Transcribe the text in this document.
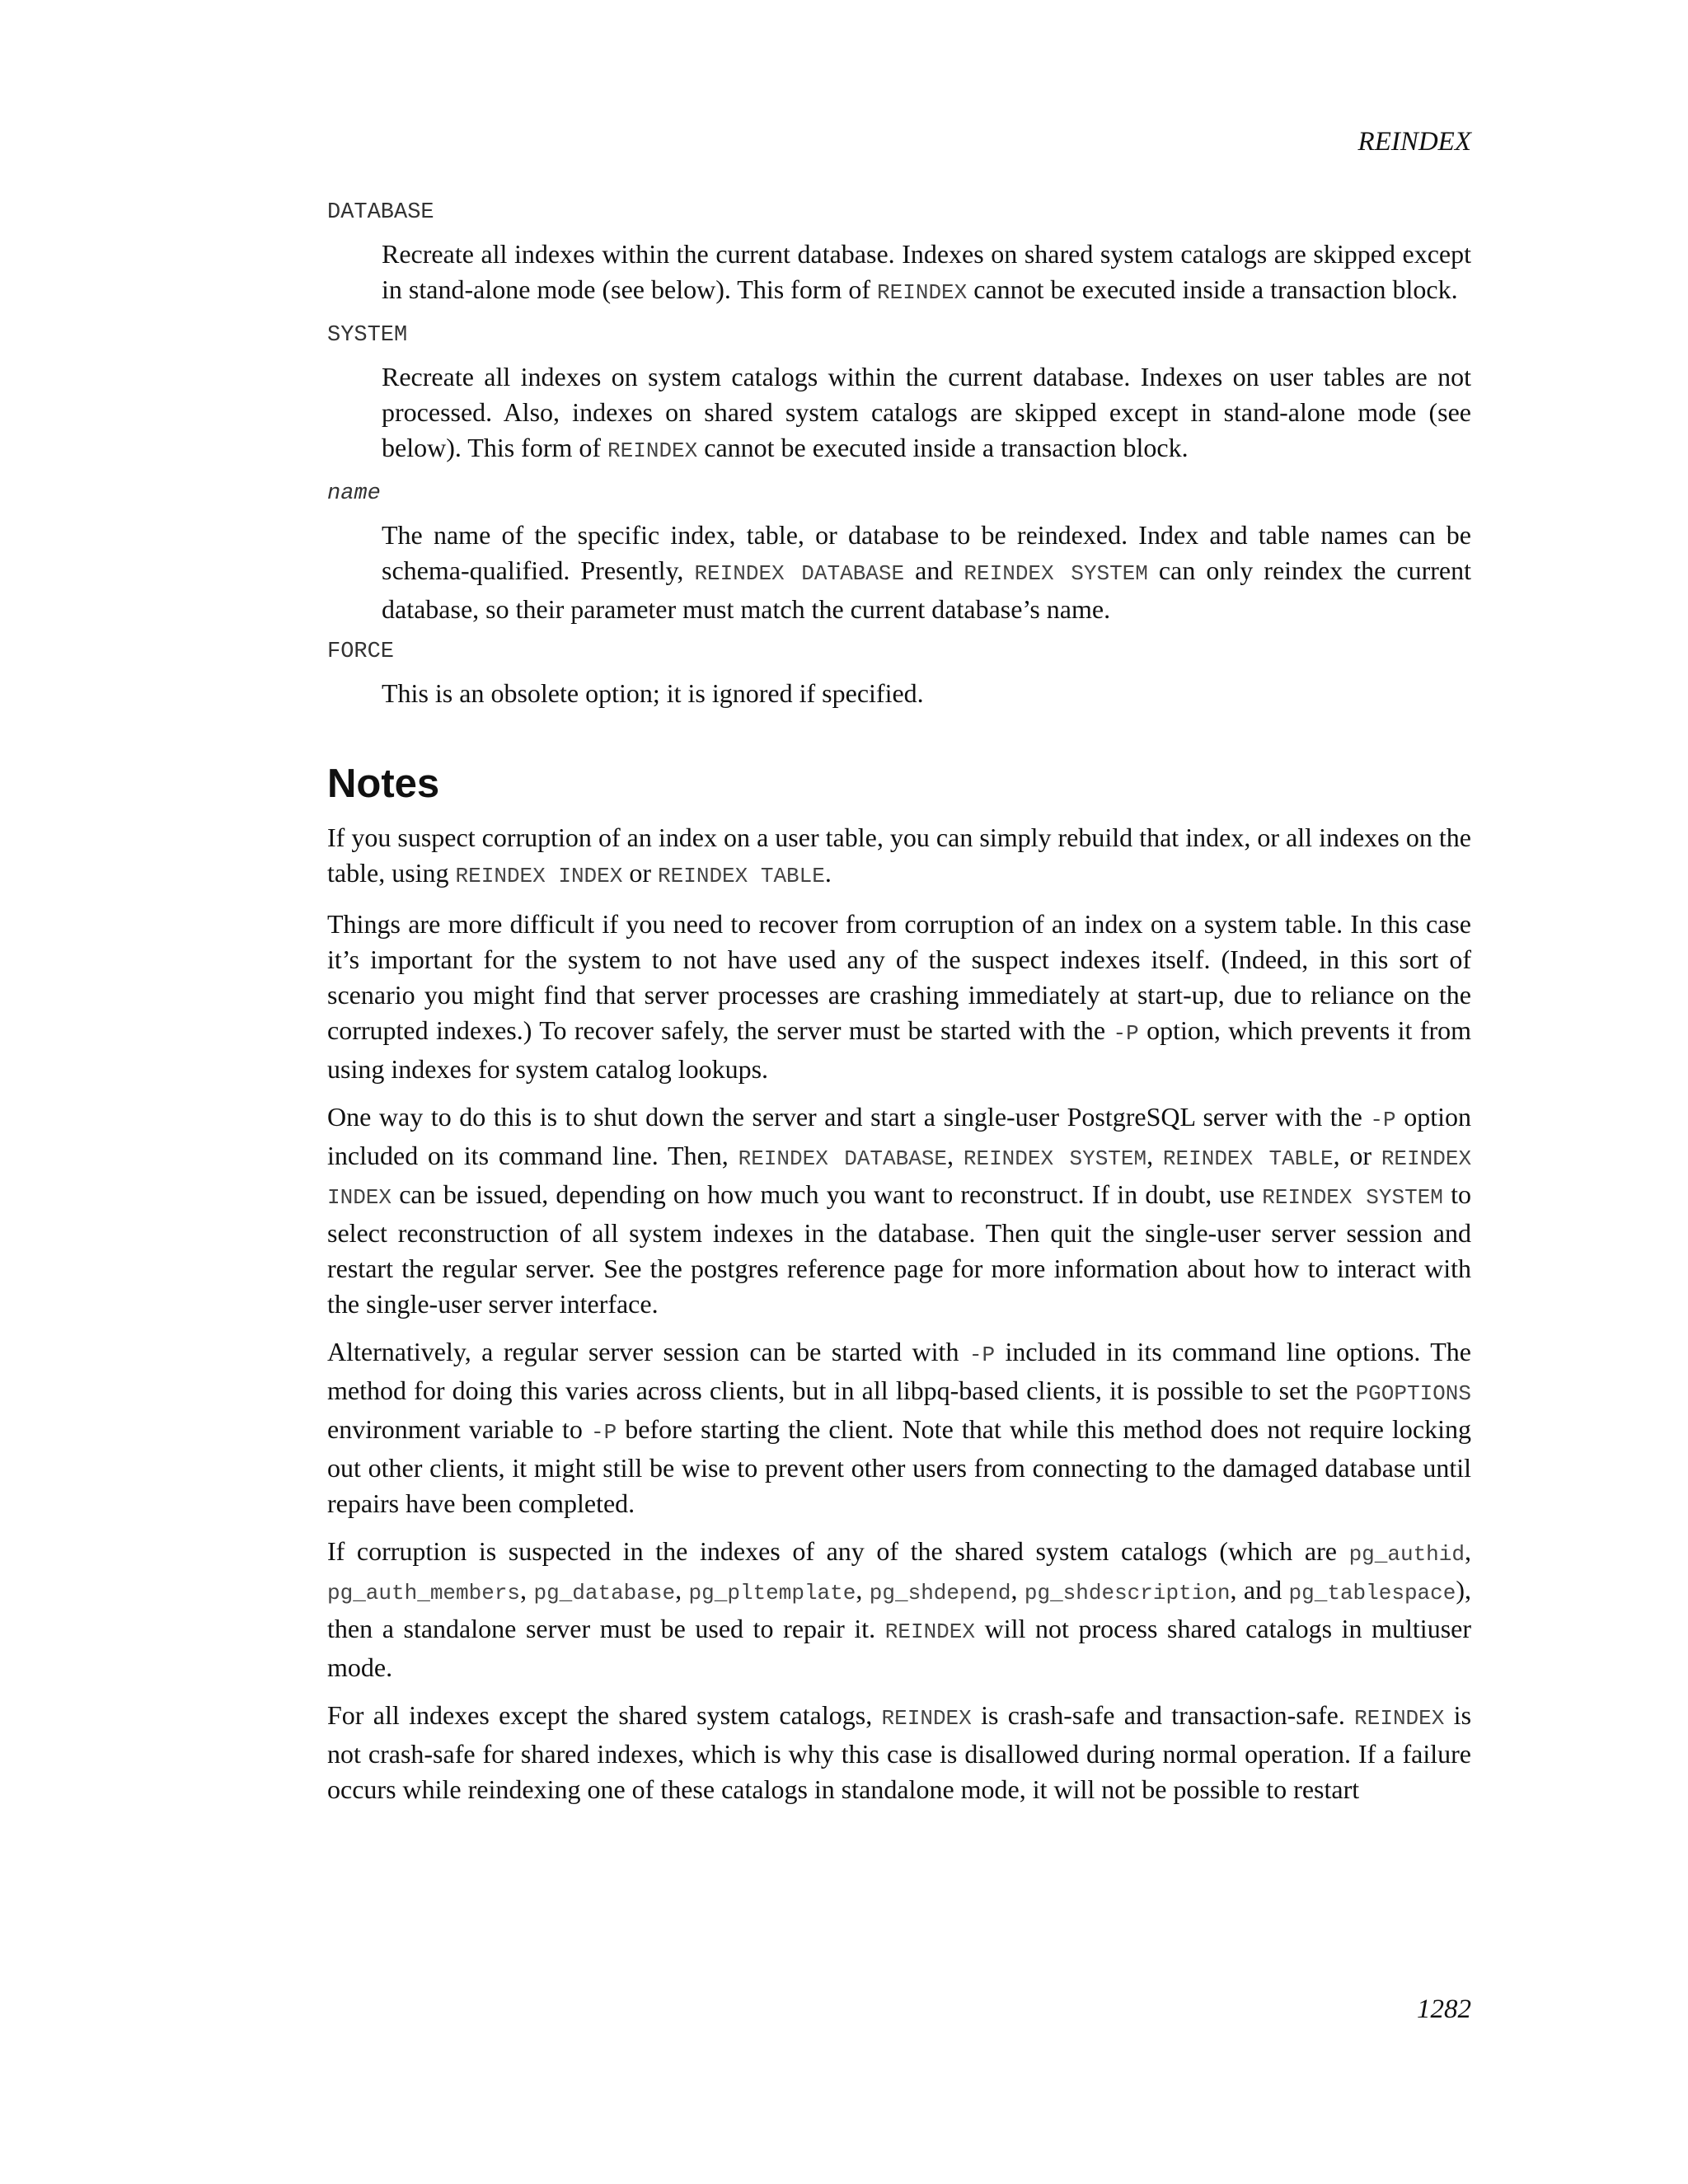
REINDEX

DATABASE

Recreate all indexes within the current database. Indexes on shared system catalogs are skipped except in stand-alone mode (see below). This form of REINDEX cannot be executed inside a transaction block.

SYSTEM

Recreate all indexes on system catalogs within the current database. Indexes on user tables are not processed. Also, indexes on shared system catalogs are skipped except in stand-alone mode (see below). This form of REINDEX cannot be executed inside a transaction block.

name

The name of the specific index, table, or database to be reindexed. Index and table names can be schema-qualified. Presently, REINDEX DATABASE and REINDEX SYSTEM can only reindex the current database, so their parameter must match the current database’s name.

FORCE

This is an obsolete option; it is ignored if specified.
Notes

If you suspect corruption of an index on a user table, you can simply rebuild that index, or all indexes on the table, using REINDEX INDEX or REINDEX TABLE.

Things are more difficult if you need to recover from corruption of an index on a system table. In this case it’s important for the system to not have used any of the suspect indexes itself. (Indeed, in this sort of scenario you might find that server processes are crashing immediately at start-up, due to reliance on the corrupted indexes.) To recover safely, the server must be started with the -P option, which prevents it from using indexes for system catalog lookups.

One way to do this is to shut down the server and start a single-user PostgreSQL server with the -P option included on its command line. Then, REINDEX DATABASE, REINDEX SYSTEM, REINDEX TABLE, or REINDEX INDEX can be issued, depending on how much you want to reconstruct. If in doubt, use REINDEX SYSTEM to select reconstruction of all system indexes in the database. Then quit the single-user server session and restart the regular server. See the postgres reference page for more information about how to interact with the single-user server interface.

Alternatively, a regular server session can be started with -P included in its command line options. The method for doing this varies across clients, but in all libpq-based clients, it is possible to set the PGOPTIONS environment variable to -P before starting the client. Note that while this method does not require locking out other clients, it might still be wise to prevent other users from connecting to the damaged database until repairs have been completed.

If corruption is suspected in the indexes of any of the shared system catalogs (which are pg_authid, pg_auth_members, pg_database, pg_pltemplate, pg_shdepend, pg_shdescription, and pg_tablespace), then a standalone server must be used to repair it. REINDEX will not process shared catalogs in multiuser mode.

For all indexes except the shared system catalogs, REINDEX is crash-safe and transaction-safe. REINDEX is not crash-safe for shared indexes, which is why this case is disallowed during normal operation. If a failure occurs while reindexing one of these catalogs in standalone mode, it will not be possible to restart

1282
